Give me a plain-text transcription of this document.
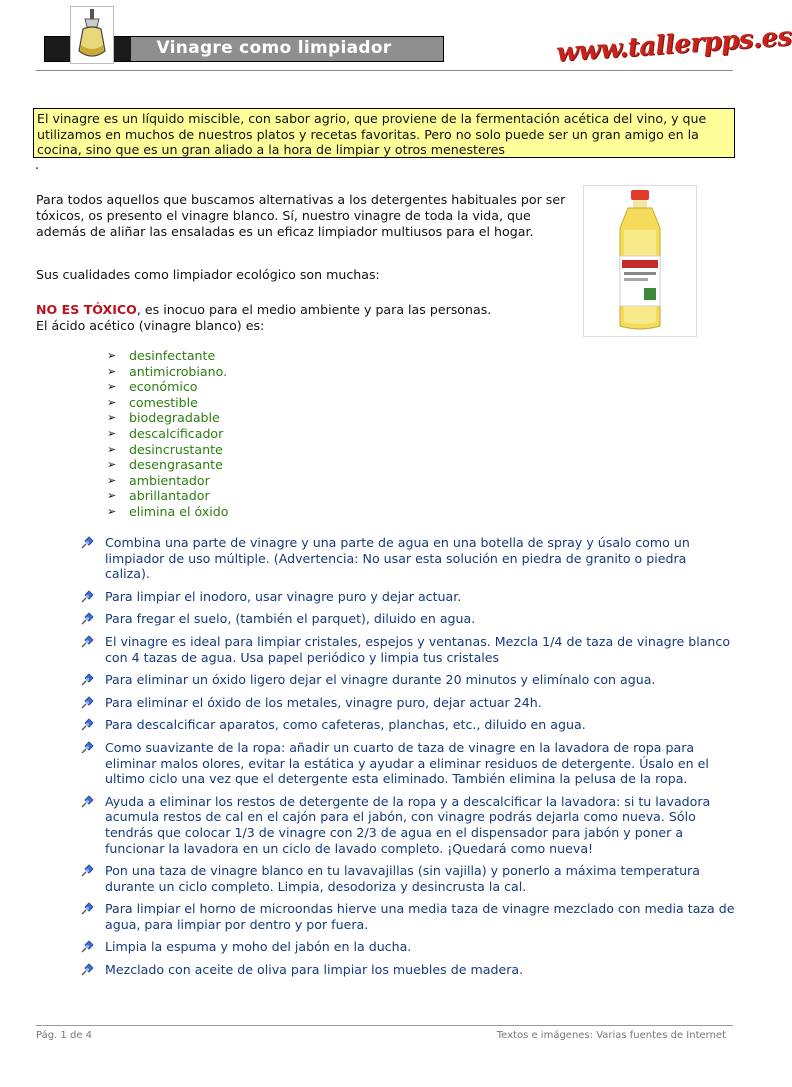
Vinagre como limpiador	www.tallerpps.es
El vinagre es un líquido miscible, con sabor agrio, que proviene de la fermentación acética del vino, y que utilizamos en muchos de nuestros platos y recetas favoritas. Pero no solo puede ser un gran amigo en la cocina, sino que es un gran aliado a la hora de limpiar y otros menesteres
.
Para todos aquellos que buscamos alternativas a los detergentes habituales por ser tóxicos, os presento el vinagre blanco. Sí, nuestro vinagre de toda la vida, que además de aliñar las ensaladas es un eficaz limpiador multiusos para el hogar.
Sus cualidades como limpiador ecológico son muchas:
NO ES TÓXICO, es inocuo para el medio ambiente y para las personas.
El ácido acético (vinagre blanco) es:
➢ desinfectante
➢ antimicrobiano.
➢ económico
➢ comestible
➢ biodegradable
➢ descalcificador
➢ desincrustante
➢ desengrasante
➢ ambientador
➢ abrillantador
➢ elimina el óxido
Combina una parte de vinagre y una parte de agua en una botella de spray y úsalo como un limpiador de uso múltiple. (Advertencia: No usar esta solución en piedra de granito o piedra caliza).
Para limpiar el inodoro, usar vinagre puro y dejar actuar.
Para fregar el suelo, (también el parquet), diluido en agua.
El vinagre es ideal para limpiar cristales, espejos y ventanas. Mezcla 1/4 de taza de vinagre blanco con 4 tazas de agua. Usa papel periódico y limpia tus cristales
Para eliminar un óxido ligero dejar el vinagre durante 20 minutos y elimínalo con agua.
Para eliminar el óxido de los metales, vinagre puro, dejar actuar 24h.
Para descalcificar aparatos, como cafeteras, planchas, etc., diluido en agua.
Como suavizante de la ropa: añadir un cuarto de taza de vinagre en la lavadora de ropa para eliminar malos olores, evitar la estática y ayudar a eliminar residuos de detergente. Úsalo en el ultimo ciclo una vez que el detergente esta eliminado. También elimina la pelusa de la ropa.
Ayuda a eliminar los restos de detergente de la ropa y a descalcificar la lavadora: si tu lavadora acumula restos de cal en el cajón para el jabón, con vinagre podrás dejarla como nueva. Sólo tendrás que colocar 1/3 de vinagre con 2/3 de agua en el dispensador para jabón y poner a funcionar la lavadora en un ciclo de lavado completo. ¡Quedará como nueva!
Pon una taza de vinagre blanco en tu lavavajillas (sin vajilla) y ponerlo a máxima temperatura durante un ciclo completo. Limpia, desodoriza y desincrusta la cal.
Para limpiar el horno de microondas hierve una media taza de vinagre mezclado con media taza de agua, para limpiar por dentro y por fuera.
Limpia la espuma y moho del jabón en la ducha.
Mezclado con aceite de oliva para limpiar los muebles de madera.
Pág. 1 de 4	Textos e imágenes: Varias fuentes de Internet
